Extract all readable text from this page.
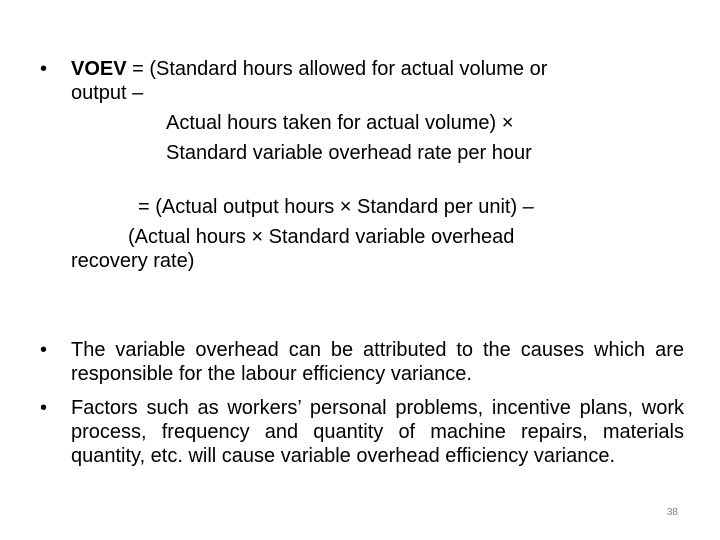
• VOEV = (Standard hours allowed for actual volume or
output –
Actual hours taken for actual volume) ×
Standard variable overhead rate per hour
= (Actual output hours × Standard per unit) –
(Actual hours × Standard variable overhead
recovery rate)
• The variable overhead can be attributed to the causes which are responsible for the labour efficiency variance.
• Factors such as workers’ personal problems, incentive plans, work process, frequency and quantity of machine repairs, materials quantity, etc. will cause variable overhead efficiency variance.
38
